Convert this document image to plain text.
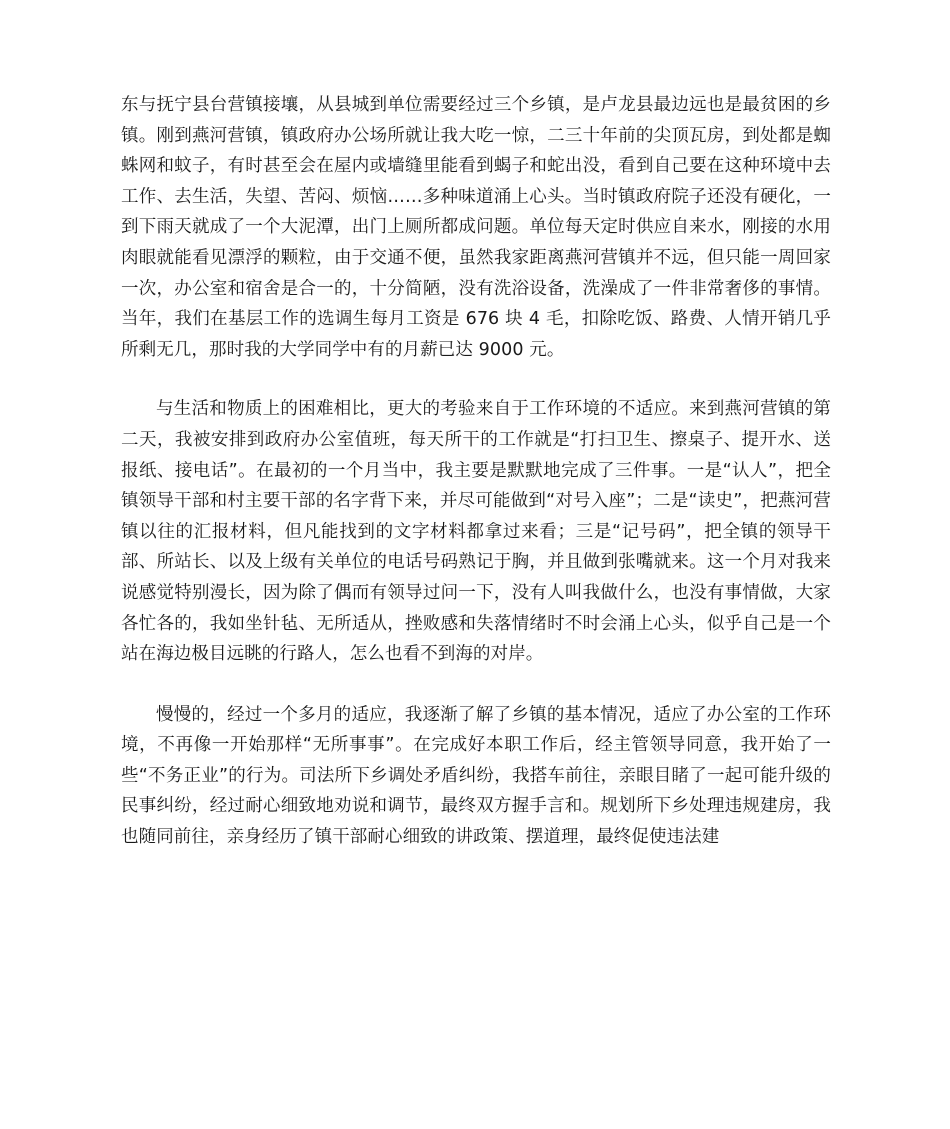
东与抚宁县台营镇接壤，从县城到单位需要经过三个乡镇，是卢龙县最边远也是最贫困的乡镇。刚到燕河营镇，镇政府办公场所就让我大吃一惊，二三十年前的尖顶瓦房，到处都是蜘蛛网和蚊子，有时甚至会在屋内或墙缝里能看到蝎子和蛇出没，看到自己要在这种环境中去工作、去生活，失望、苦闷、烦恼……多种味道涌上心头。当时镇政府院子还没有硬化，一到下雨天就成了一个大泥潭，出门上厕所都成问题。单位每天定时供应自来水，刚接的水用肉眼就能看见漂浮的颗粒，由于交通不便，虽然我家距离燕河营镇并不远，但只能一周回家一次，办公室和宿舍是合一的，十分简陋，没有洗浴设备，洗澡成了一件非常奢侈的事情。当年，我们在基层工作的选调生每月工资是 676 块 4 毛，扣除吃饭、路费、人情开销几乎所剩无几，那时我的大学同学中有的月薪已达 9000 元。

与生活和物质上的困难相比，更大的考验来自于工作环境的不适应。来到燕河营镇的第二天，我被安排到政府办公室值班，每天所干的工作就是“打扫卫生、擦桌子、提开水、送报纸、接电话”。在最初的一个月当中，我主要是默默地完成了三件事。一是“认人”，把全镇领导干部和村主要干部的名字背下来，并尽可能做到“对号入座”；二是“读史”，把燕河营镇以往的汇报材料，但凡能找到的文字材料都拿过来看；三是“记号码”，把全镇的领导干部、所站长、以及上级有关单位的电话号码熟记于胸，并且做到张嘴就来。这一个月对我来说感觉特别漫长，因为除了偶而有领导过问一下，没有人叫我做什么，也没有事情做，大家各忙各的，我如坐针毡、无所适从，挫败感和失落情绪时不时会涌上心头，似乎自己是一个站在海边极目远眺的行路人，怎么也看不到海的对岸。

慢慢的，经过一个多月的适应，我逐渐了解了乡镇的基本情况，适应了办公室的工作环境，不再像一开始那样“无所事事”。在完成好本职工作后，经主管领导同意，我开始了一些“不务正业”的行为。司法所下乡调处矛盾纠纷，我搭车前往，亲眼目睹了一起可能升级的民事纠纷，经过耐心细致地劝说和调节，最终双方握手言和。规划所下乡处理违规建房，我也随同前往，亲身经历了镇干部耐心细致的讲政策、摆道理，最终促使违法建
